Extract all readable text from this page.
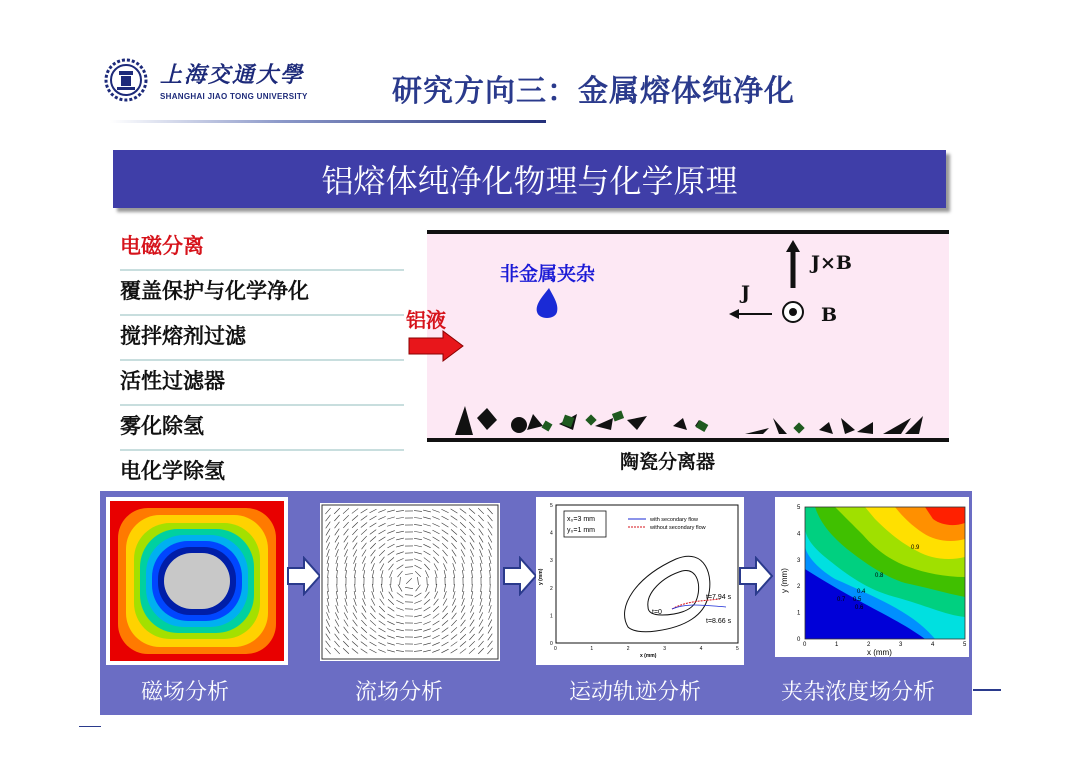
上海交通大學
SHANGHAI JIAO TONG UNIVERSITY	研究方向三：金属熔体纯净化
铝熔体纯净化物理与化学原理
电磁分离
覆盖保护与化学净化
搅拌熔剂过滤
活性过滤器
雾化除氢
电化学除氢
非金属夹杂
铝液
J
J×B
B
陶瓷分离器
x₀=3 mm
y₀=1 mm
with secondary flow
without secondary flow
t=7.94 s
t=0
t=8.66 s
x (mm)
y (mm)
0	1	2	3	4	5
0
1
2
3
4
5
0.9
0.8
0.4
0.7 0.5
0.6
x (mm)
y (mm)
0	1	2	3	4	5
0
1
2
3
4
5
磁场分析	流场分析	运动轨迹分析	夹杂浓度场分析
